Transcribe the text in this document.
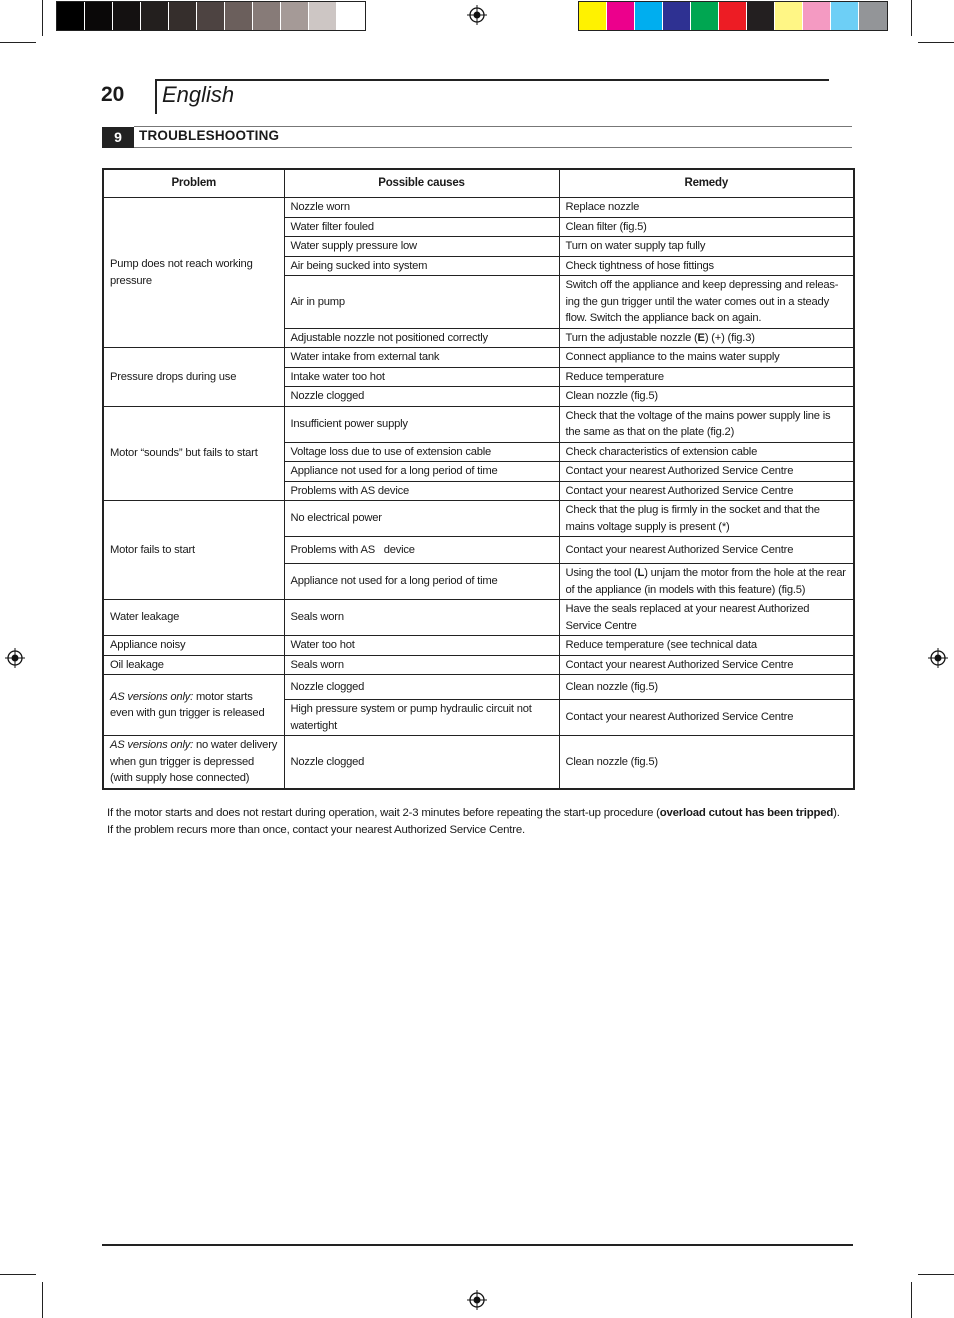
20 English
9	TROUBLESHOOTING
Problem	Possible causes	Remedy
Pump does not reach working pressure	Nozzle worn	Replace nozzle
	Water filter fouled	Clean filter (fig.5)
	Water supply pressure low	Turn on water supply tap fully
	Air being sucked into system	Check tightness of hose fittings
	Air in pump	Switch off the appliance and keep depressing and releas-ing the gun trigger until the water comes out in a steady flow. Switch the appliance back on again.
	Adjustable nozzle not positioned correctly	Turn the adjustable nozzle (E) (+) (fig.3)
Pressure drops during use	Water intake from external tank	Connect appliance to the mains water supply
	Intake water too hot	Reduce temperature
	Nozzle clogged	Clean nozzle (fig.5)
Motor “sounds” but fails to start	Insufficient power supply	Check that the voltage of the mains power supply line is the same as that on the plate (fig.2)
	Voltage loss due to use of extension cable	Check characteristics of extension cable
	Appliance not used for a long period of time	Contact your nearest Authorized Service Centre
	Problems with AS device	Contact your nearest Authorized Service Centre
Motor fails to start	No electrical power	Check that the plug is firmly in the socket and that the mains voltage supply is present (*)
	Problems with AS   device	Contact your nearest Authorized Service Centre
	Appliance not used for a long period of time	Using the tool (L) unjam the motor from the hole at the rear of the appliance (in models with this feature) (fig.5)
Water leakage	Seals worn	Have the seals replaced at your nearest Authorized Service Centre
Appliance noisy	Water too hot	Reduce temperature (see technical data
Oil leakage	Seals worn	Contact your nearest Authorized Service Centre
AS versions only: motor starts even with gun trigger is released	Nozzle clogged	Clean nozzle (fig.5)
	High pressure system or pump hydraulic circuit not watertight	Contact your nearest Authorized Service Centre
AS versions only: no water delivery when gun trigger is depressed (with supply hose connected)	Nozzle clogged	Clean nozzle (fig.5)
If the motor starts and does not restart during operation, wait 2-3 minutes before repeating the start-up procedure (overload cutout has been tripped).
If the problem recurs more than once, contact your nearest Authorized Service Centre.
